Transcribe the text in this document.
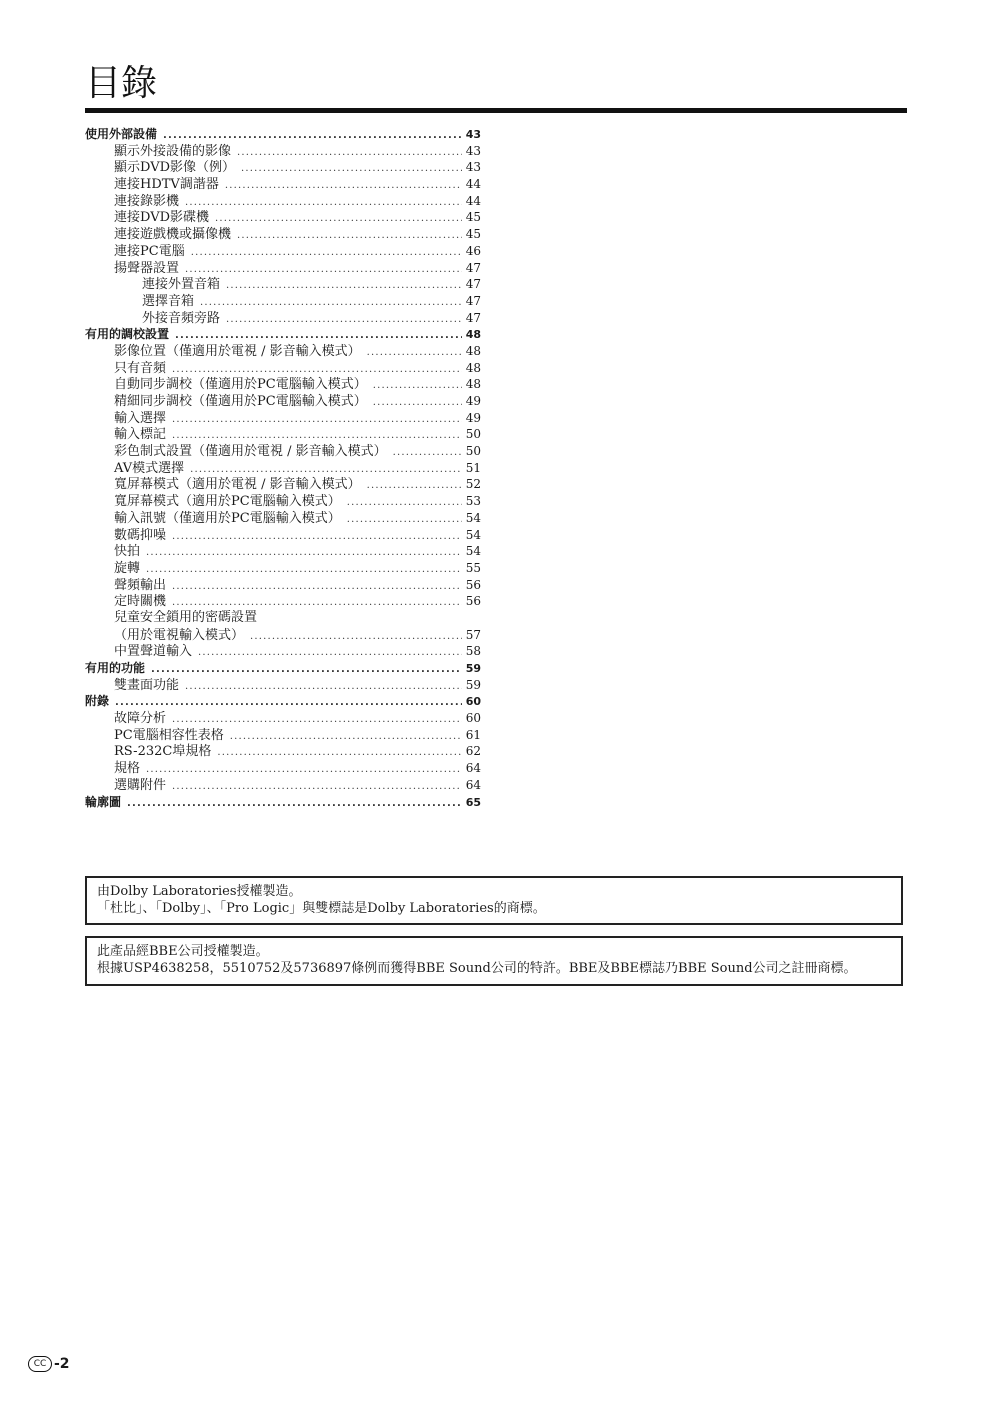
目錄
使用外部設備 .....	43
顯示外接設備的影像 .....	43
顯示DVD影像（例） .....	43
連接HDTV調諧器 .....	44
連接錄影機 .....	44
連接DVD影碟機 .....	45
連接遊戲機或攝像機 .....	45
連接PC電腦 .....	46
揚聲器設置 .....	47
連接外置音箱 .....	47
選擇音箱 .....	47
外接音頻旁路 .....	47
有用的調校設置 .....	48
影像位置（僅適用於電視 / 影音輸入模式） .....	48
只有音頻 .....	48
自動同步調校（僅適用於PC電腦輸入模式） .....	48
精細同步調校（僅適用於PC電腦輸入模式） .....	49
輸入選擇 .....	49
輸入標記 .....	50
彩色制式設置（僅適用於電視 / 影音輸入模式） .....	50
AV模式選擇 .....	51
寬屏幕模式（適用於電視 / 影音輸入模式） .....	52
寬屏幕模式（適用於PC電腦輸入模式） .....	53
輸入訊號（僅適用於PC電腦輸入模式） .....	54
數碼抑噪 .....	54
快拍 .....	54
旋轉 .....	55
聲頻輸出 .....	56
定時關機 .....	56
兒童安全鎖用的密碼設置
（用於電視輸入模式） .....	57
中置聲道輸入 .....	58
有用的功能 .....	59
雙畫面功能 .....	59
附錄 .....	60
故障分析 .....	60
PC電腦相容性表格 .....	61
RS-232C埠規格 .....	62
規格 .....	64
選購附件 .....	64
輪廓圖 .....	65
由Dolby Laboratories授權製造。
「杜比」、「Dolby」、「Pro Logic」與雙標誌是Dolby Laboratories的商標。
此產品經BBE公司授權製造。
根據USP4638258，5510752及5736897條例而獲得BBE Sound公司的特許。BBE及BBE標誌乃BBE Sound公司之註冊商標。
CC -2
